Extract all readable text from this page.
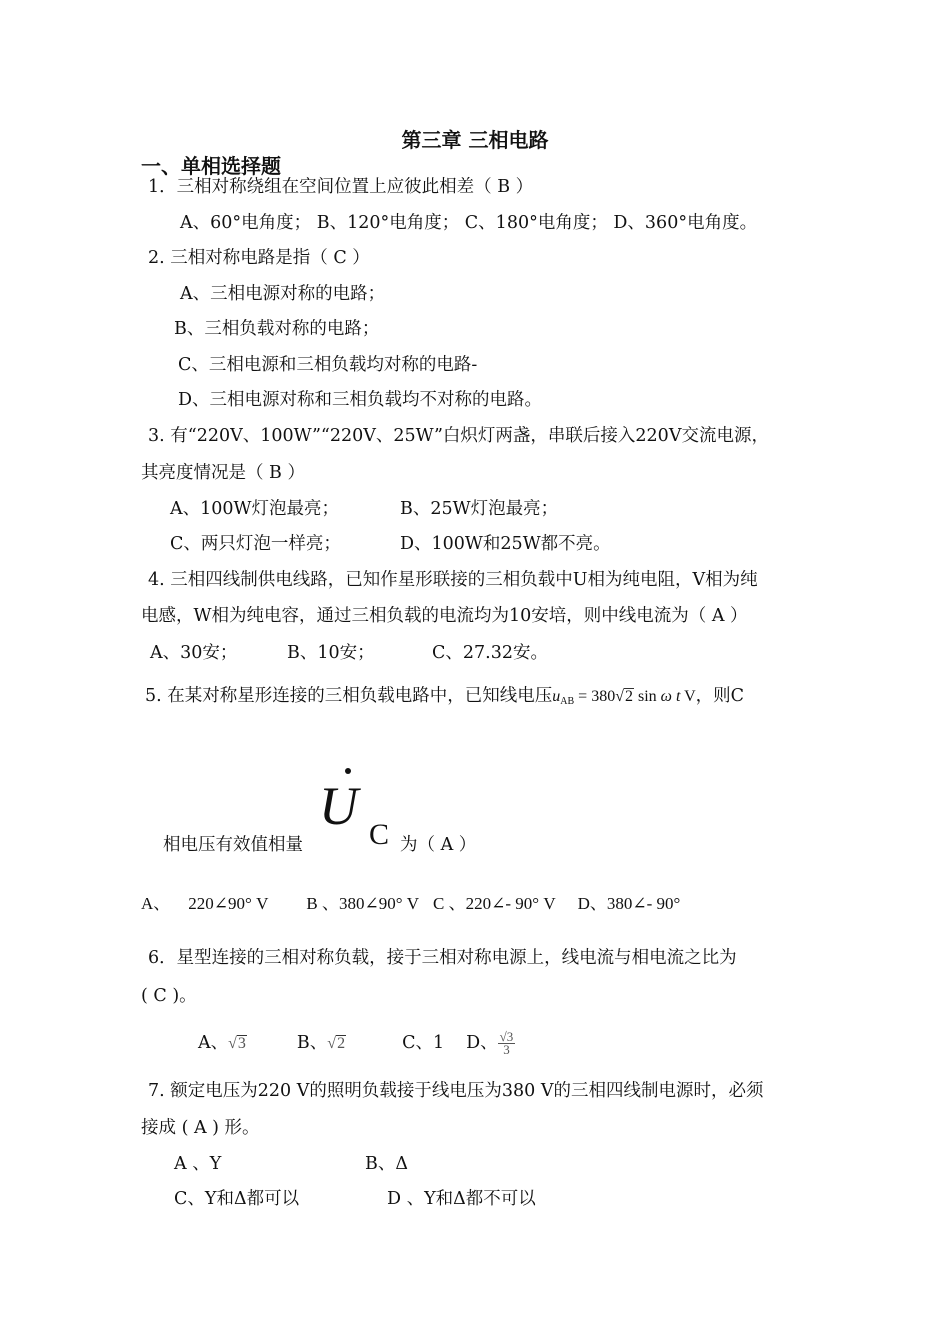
第三章 三相电路
一、单相选择题
1．三相对称绕组在空间位置上应彼此相差（ B ）
A、60°电角度； B、120°电角度； C、180°电角度； D、360°电角度。
2. 三相对称电路是指（ C ）
A、三相电源对称的电路；
B、三相负载对称的电路；
C、三相电源和三相负载均对称的电路-
D、三相电源对称和三相负载均不对称的电路。
3. 有“220V、100W”“220V、25W”白炽灯两盏，串联后接入220V交流电源，
其亮度情况是（ B ）
A、100W灯泡最亮；	B、25W灯泡最亮；
C、两只灯泡一样亮；	D、100W和25W都不亮。
4. 三相四线制供电线路，已知作星形联接的三相负载中U相为纯电阻，V相为纯
电感，W相为纯电容，通过三相负载的电流均为10安培，则中线电流为（ A ）
A、30安；	B、10安；	C、27.32安。
5. 在某对称星形连接的三相负载电路中，已知线电压$u_{AB} = 380√2$ sin ω t V，则C
相电压有效值相量
U C 为（ A ）
A、 220∠90° V B 、380∠90° V C 、220∠- 90° V D、380∠- 90°
6．星型连接的三相对称负载，接于三相对称电源上，线电流与相电流之比为
( C )。
A、√3	B、√2	C、1 D、 $\frac{√3}{3}$
7. 额定电压为220 V的照明负载接于线电压为380 V的三相四线制电源时，必须
接成 ( A ) 形。
A 、Y	B、Δ
C、Y和Δ都可以	D 、Y和Δ都不可以
